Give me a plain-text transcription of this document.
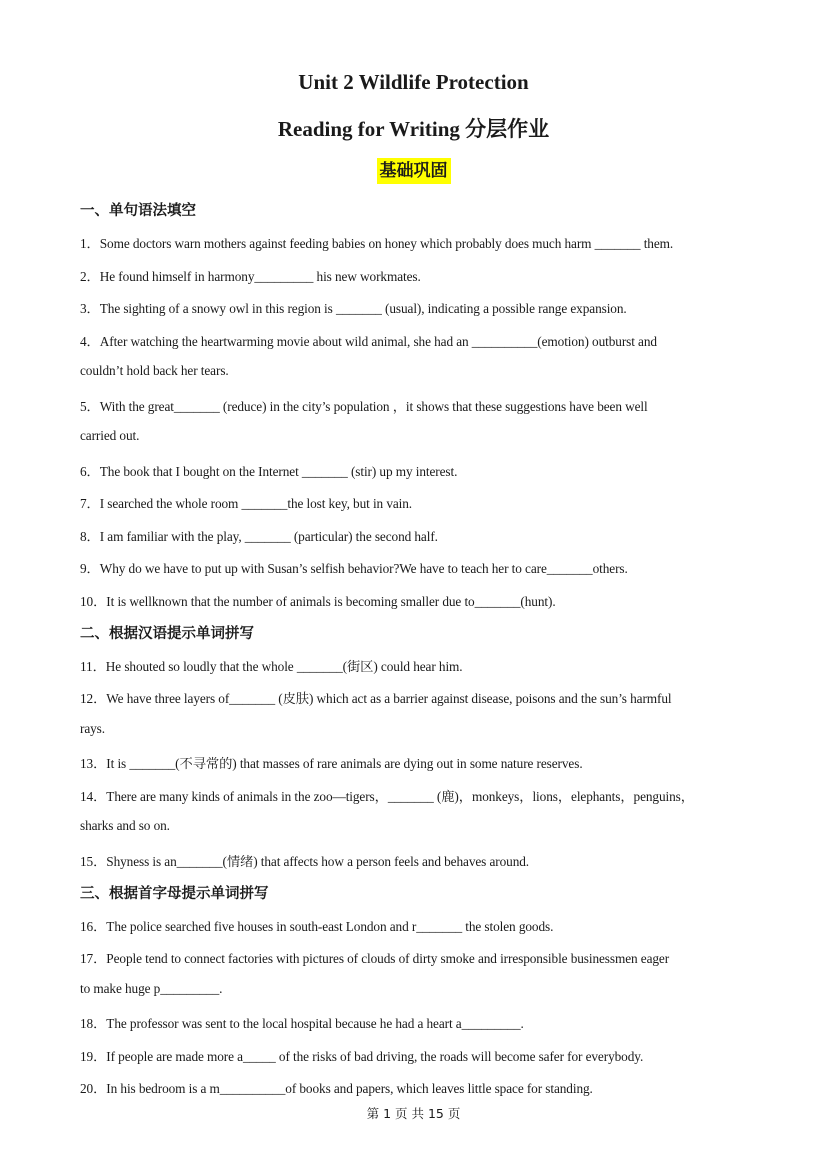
Unit 2 Wildlife Protection
Reading for Writing 分层作业
基础巩固
一、单句语法填空
1．Some doctors warn mothers against feeding babies on honey which probably does much harm _______ them.
2．He found himself in harmony_________ his new workmates.
3．The sighting of a snowy owl in this region is _______ (usual), indicating a possible range expansion.
4．After watching the heartwarming movie about wild animal, she had an __________(emotion) outburst and
couldn’t hold back her tears.
5．With the great_______ (reduce) in the city’s population ，it shows that these suggestions have been well
carried out.
6．The book that I bought on the Internet _______ (stir) up my interest.
7．I searched the whole room _______the lost key, but in vain.
8．I am familiar with the play, _______ (particular) the second half.
9．Why do we have to put up with Susan’s selfish behavior?We have to teach her to care_______others.
10．It is wellknown that the number of animals is becoming smaller due to_______(hunt).
二、根据汉语提示单词拼写
11．He shouted so loudly that the whole _______(街区) could hear him.
12．We have three layers of_______ (皮肤) which act as a barrier against disease, poisons and the sun’s harmful
rays.
13．It is _______(不寻常的) that masses of rare animals are dying out in some nature reserves.
14．There are many kinds of animals in the zoo—tigers，_______ (鹿)，monkeys，lions，elephants，penguins，
sharks and so on.
15．Shyness is an_______(情绪) that affects how a person feels and behaves around.
三、根据首字母提示单词拼写
16．The police searched five houses in south-east London and r_______ the stolen goods.
17．People tend to connect factories with pictures of clouds of dirty smoke and irresponsible businessmen eager
to make huge p_________.
18．The professor was sent to the local hospital because he had a heart a_________.
19．If people are made more a_____ of the risks of bad driving, the roads will become safer for everybody.
20．In his bedroom is a m__________of books and papers, which leaves little space for standing.
第 1 页 共 15 页
